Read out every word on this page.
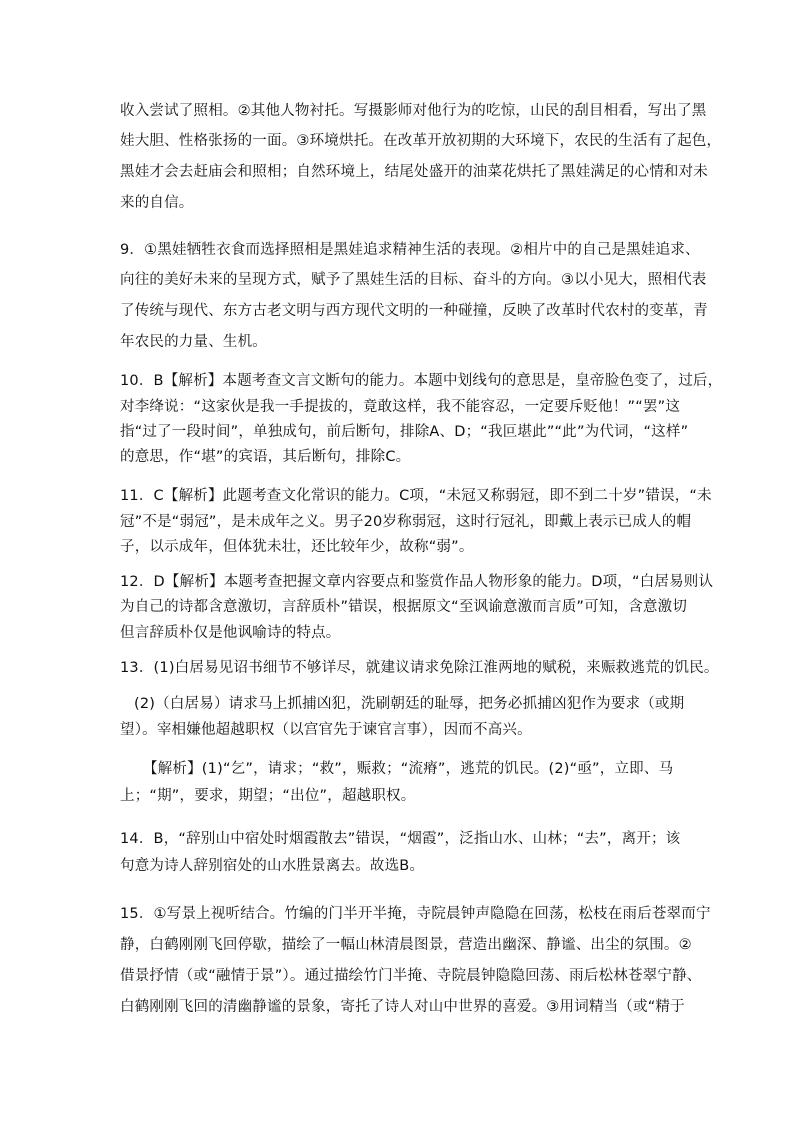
收入尝试了照相。②其他人物衬托。写摄影师对他行为的吃惊，山民的刮目相看，写出了黑
娃大胆、性格张扬的一面。③环境烘托。在改革开放初期的大环境下，农民的生活有了起色，
黑娃才会去赶庙会和照相；自然环境上，结尾处盛开的油菜花烘托了黑娃满足的心情和对未
来的自信。
9．①黑娃牺牲衣食而选择照相是黑娃追求精神生活的表现。②相片中的自己是黑娃追求、
向往的美好未来的呈现方式，赋予了黑娃生活的目标、奋斗的方向。③以小见大，照相代表
了传统与现代、东方古老文明与西方现代文明的一种碰撞，反映了改革时代农村的变革，青
年农民的力量、生机。
10．B【解析】本题考查文言文断句的能力。本题中划线句的意思是，皇帝脸色变了，过后，
对李绛说：“这家伙是我一手提拔的，竟敢这样，我不能容忍，一定要斥贬他！”“罢”这
指“过了一段时间”，单独成句，前后断句，排除A、D；“我叵堪此”“此”为代词，“这样”
的意思，作“堪”的宾语，其后断句，排除C。
11．C【解析】此题考查文化常识的能力。C项，“未冠又称弱冠，即不到二十岁”错误，“未
冠”不是“弱冠”，是未成年之义。男子20岁称弱冠，这时行冠礼，即戴上表示已成人的帽
子，以示成年，但体犹未壮，还比较年少，故称“弱”。
12．D【解析】本题考查把握文章内容要点和鉴赏作品人物形象的能力。D项，“白居易则认
为自己的诗都含意激切，言辞质朴”错误，根据原文“至讽谕意激而言质”可知，含意激切
但言辞质朴仅是他讽喻诗的特点。
13．(1)白居易见诏书细节不够详尽，就建议请求免除江淮两地的赋税，来赈救逃荒的饥民。
(2)（白居易）请求马上抓捕凶犯，洗刷朝廷的耻辱，把务必抓捕凶犯作为要求（或期
望）。宰相嫌他超越职权（以宫官先于谏官言事），因而不高兴。
【解析】(1)“乞”，请求；“救”，赈救；“流瘠”，逃荒的饥民。(2)“亟”，立即、马
上；“期”，要求，期望；“出位”，超越职权。
14．B，“辞别山中宿处时烟霞散去”错误，“烟霞”，泛指山水、山林；“去”，离开；该
句意为诗人辞别宿处的山水胜景离去。故选B。
15．①写景上视听结合。竹编的门半开半掩，寺院晨钟声隐隐在回荡，松枝在雨后苍翠而宁
静，白鹤刚刚飞回停歇，描绘了一幅山林清晨图景，营造出幽深、静谧、出尘的氛围。②
借景抒情（或“融情于景”）。通过描绘竹门半掩、寺院晨钟隐隐回荡、雨后松林苍翠宁静、
白鹤刚刚飞回的清幽静谧的景象，寄托了诗人对山中世界的喜爱。③用词精当（或“精于
